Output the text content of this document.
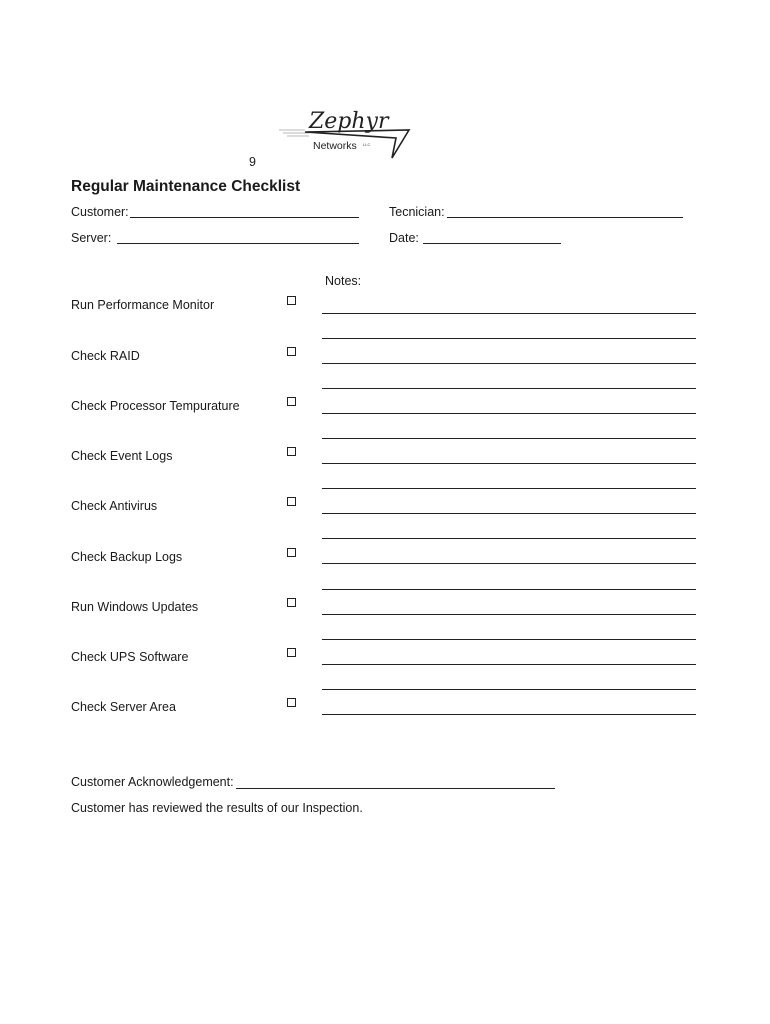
Zephyr
Networks LLC
9
Regular Maintenance Checklist
Customer:	Tecnician:
Server:	Date:
Notes:
Run Performance Monitor
Check RAID
Check Processor Tempurature
Check Event Logs
Check Antivirus
Check Backup Logs
Run Windows Updates
Check UPS Software
Check Server Area
Customer Acknowledgement:
Customer has reviewed the results of our Inspection.
